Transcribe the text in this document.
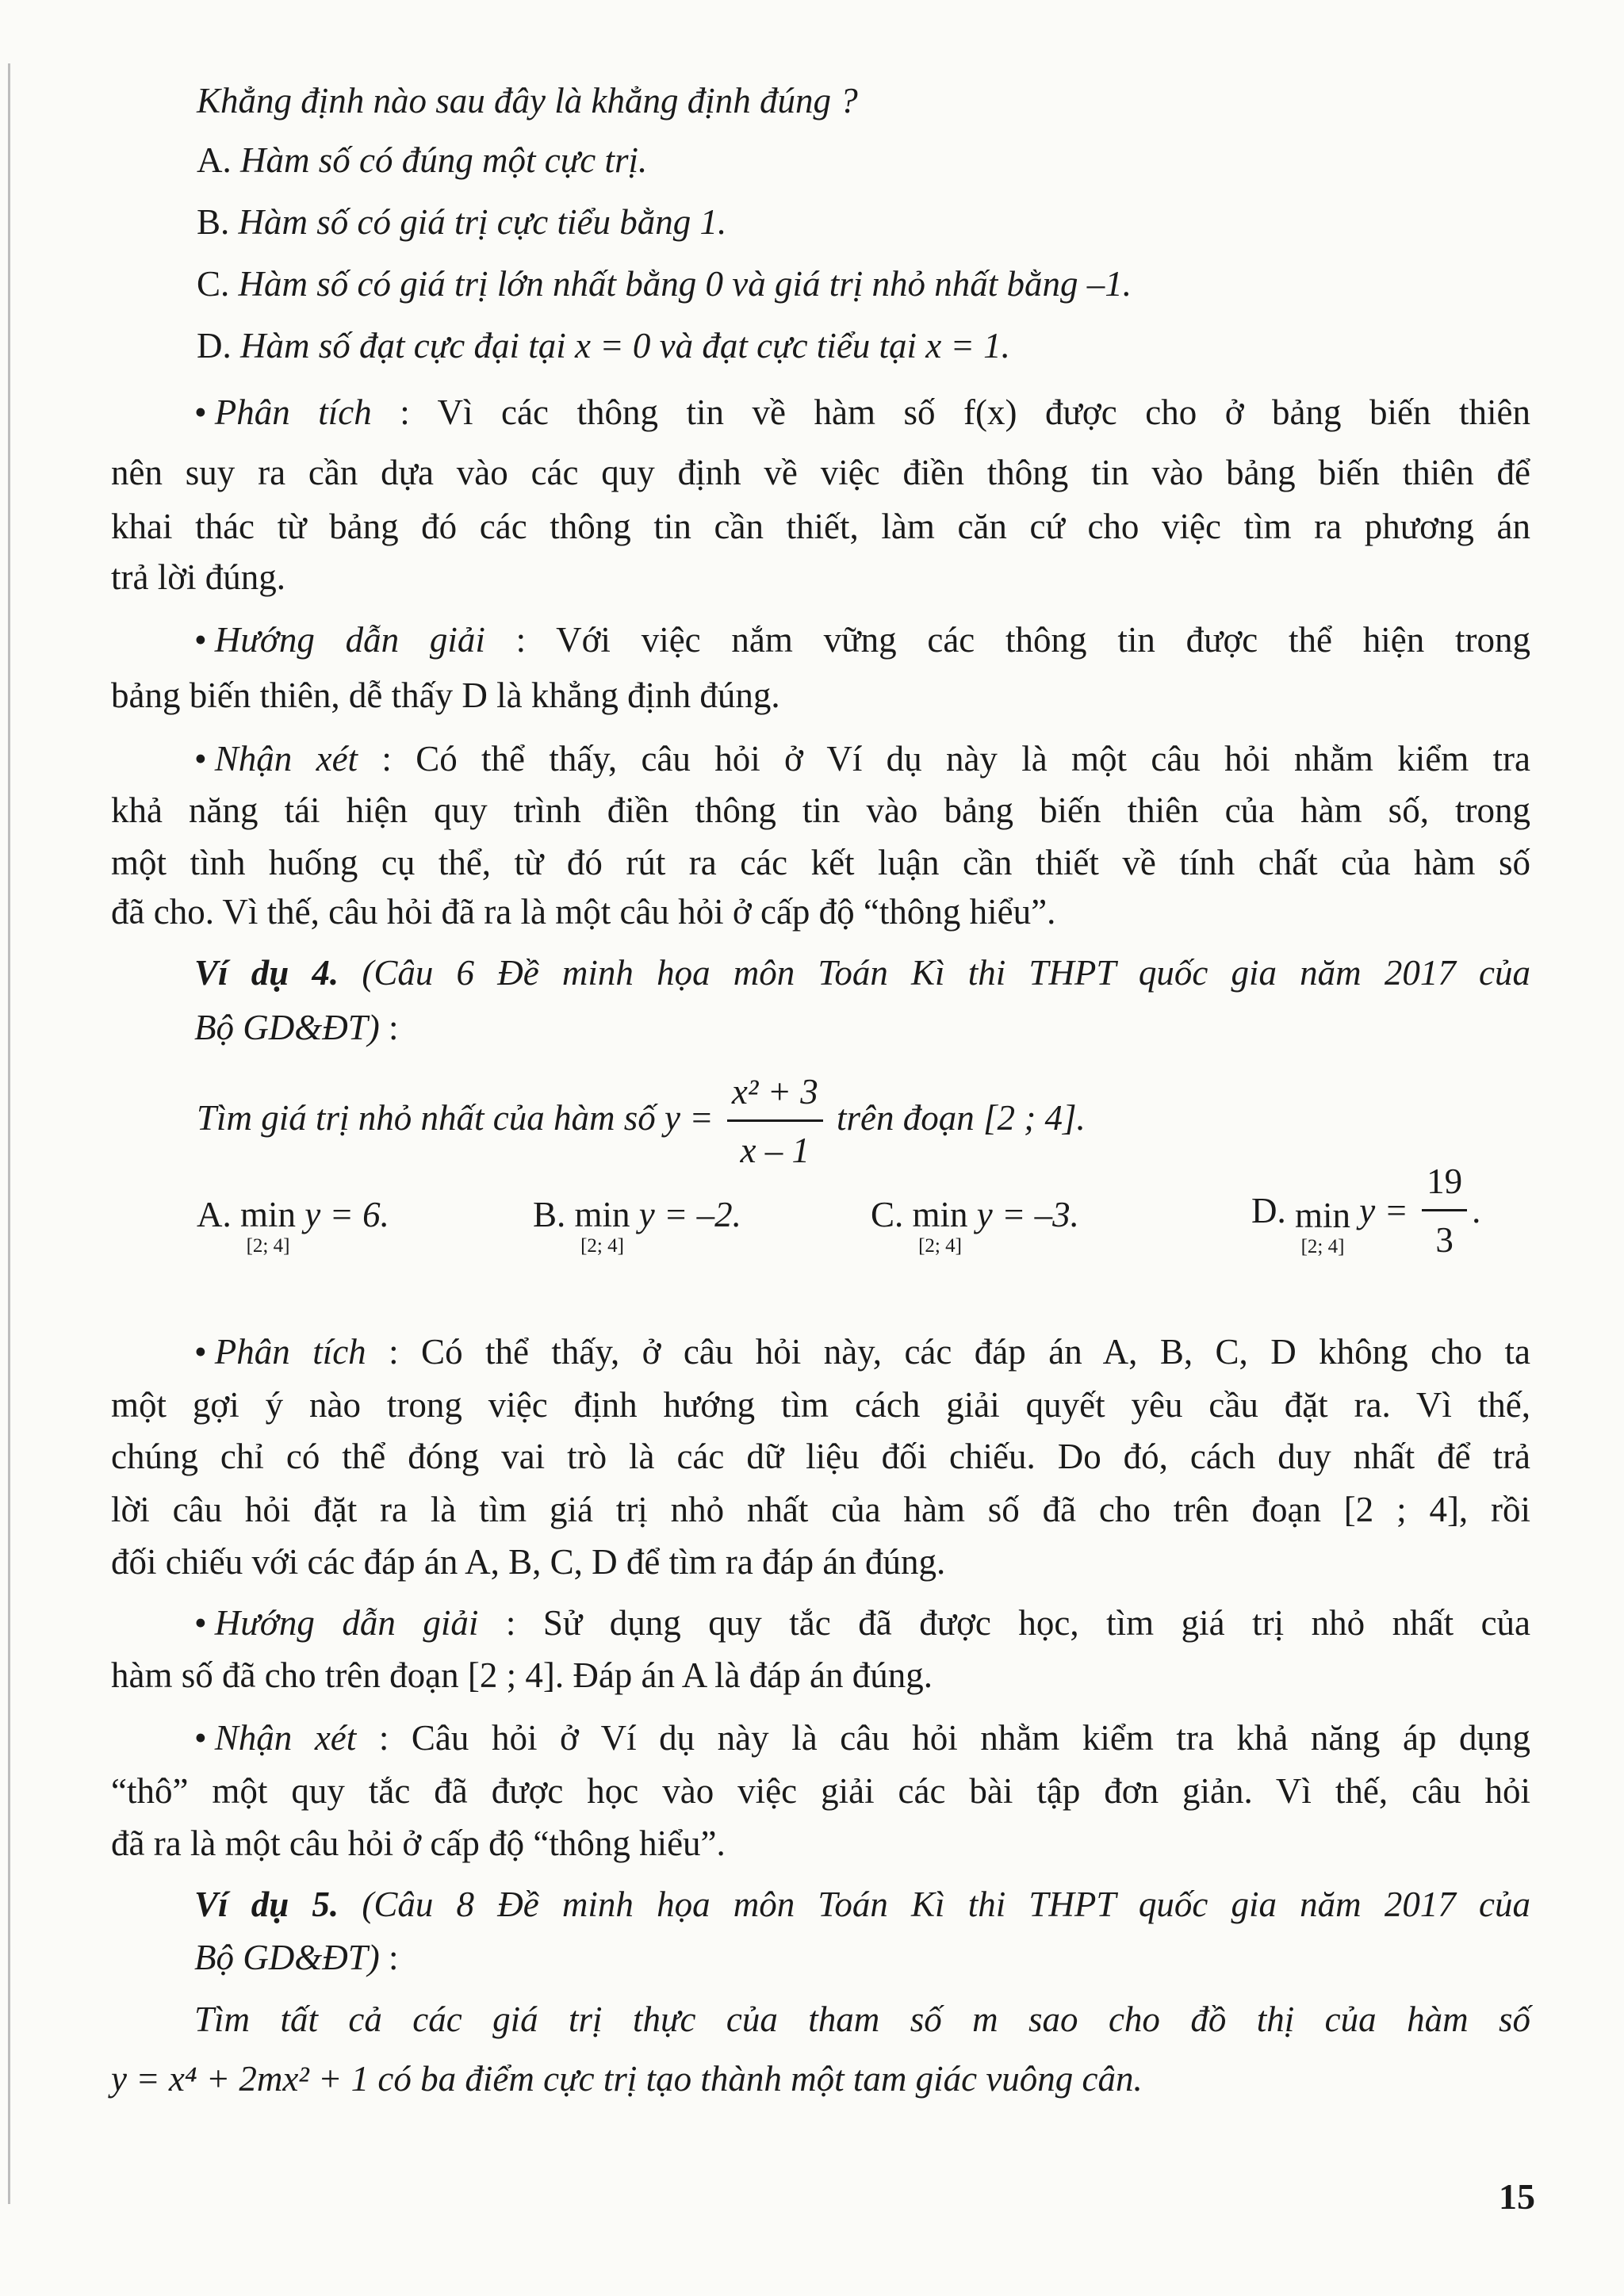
Khẳng định nào sau đây là khẳng định đúng ?
A. Hàm số có đúng một cực trị.
B. Hàm số có giá trị cực tiểu bằng 1.
C. Hàm số có giá trị lớn nhất bằng 0 và giá trị nhỏ nhất bằng –1.
D. Hàm số đạt cực đại tại x = 0 và đạt cực tiểu tại x = 1.
• Phân tích : Vì các thông tin về hàm số f(x) được cho ở bảng biến thiên
nên suy ra cần dựa vào các quy định về việc điền thông tin vào bảng biến thiên để
khai thác từ bảng đó các thông tin cần thiết, làm căn cứ cho việc tìm ra phương án
trả lời đúng.
• Hướng dẫn giải : Với việc nắm vững các thông tin được thể hiện trong
bảng biến thiên, dễ thấy D là khẳng định đúng.
• Nhận xét : Có thể thấy, câu hỏi ở Ví dụ này là một câu hỏi nhằm kiểm tra
khả năng tái hiện quy trình điền thông tin vào bảng biến thiên của hàm số, trong
một tình huống cụ thể, từ đó rút ra các kết luận cần thiết về tính chất của hàm số
đã cho. Vì thế, câu hỏi đã ra là một câu hỏi ở cấp độ “thông hiểu”.
Ví dụ 4. (Câu 6 Đề minh họa môn Toán Kì thi THPT quốc gia năm 2017 của
Bộ GD&ĐT) :
Tìm giá trị nhỏ nhất của hàm số $y = \frac{\text{x² + 3}}{x - 1}$ trên đoạn [2 ; 4].
A. min
[2; 4]
y = 6.	B. min
[2; 4]
y = –2.	C. min
[2; 4]
y = –3.	D. min
[2; 4]
$y = \frac{19}{3}$ .
• Phân tích : Có thể thấy, ở câu hỏi này, các đáp án A, B, C, D không cho ta
một gợi ý nào trong việc định hướng tìm cách giải quyết yêu cầu đặt ra. Vì thế,
chúng chỉ có thể đóng vai trò là các dữ liệu đối chiếu. Do đó, cách duy nhất để trả
lời câu hỏi đặt ra là tìm giá trị nhỏ nhất của hàm số đã cho trên đoạn [2 ; 4], rồi
đối chiếu với các đáp án A, B, C, D để tìm ra đáp án đúng.
• Hướng dẫn giải : Sử dụng quy tắc đã được học, tìm giá trị nhỏ nhất của
hàm số đã cho trên đoạn [2 ; 4]. Đáp án A là đáp án đúng.
• Nhận xét : Câu hỏi ở Ví dụ này là câu hỏi nhằm kiểm tra khả năng áp dụng
“thô” một quy tắc đã được học vào việc giải các bài tập đơn giản. Vì thế, câu hỏi
đã ra là một câu hỏi ở cấp độ “thông hiểu”.
Ví dụ 5. (Câu 8 Đề minh họa môn Toán Kì thi THPT quốc gia năm 2017 của
Bộ GD&ĐT) :
Tìm tất cả các giá trị thực của tham số m sao cho đồ thị của hàm số
y = x⁴ + 2mx² + 1 có ba điểm cực trị tạo thành một tam giác vuông cân.
15
